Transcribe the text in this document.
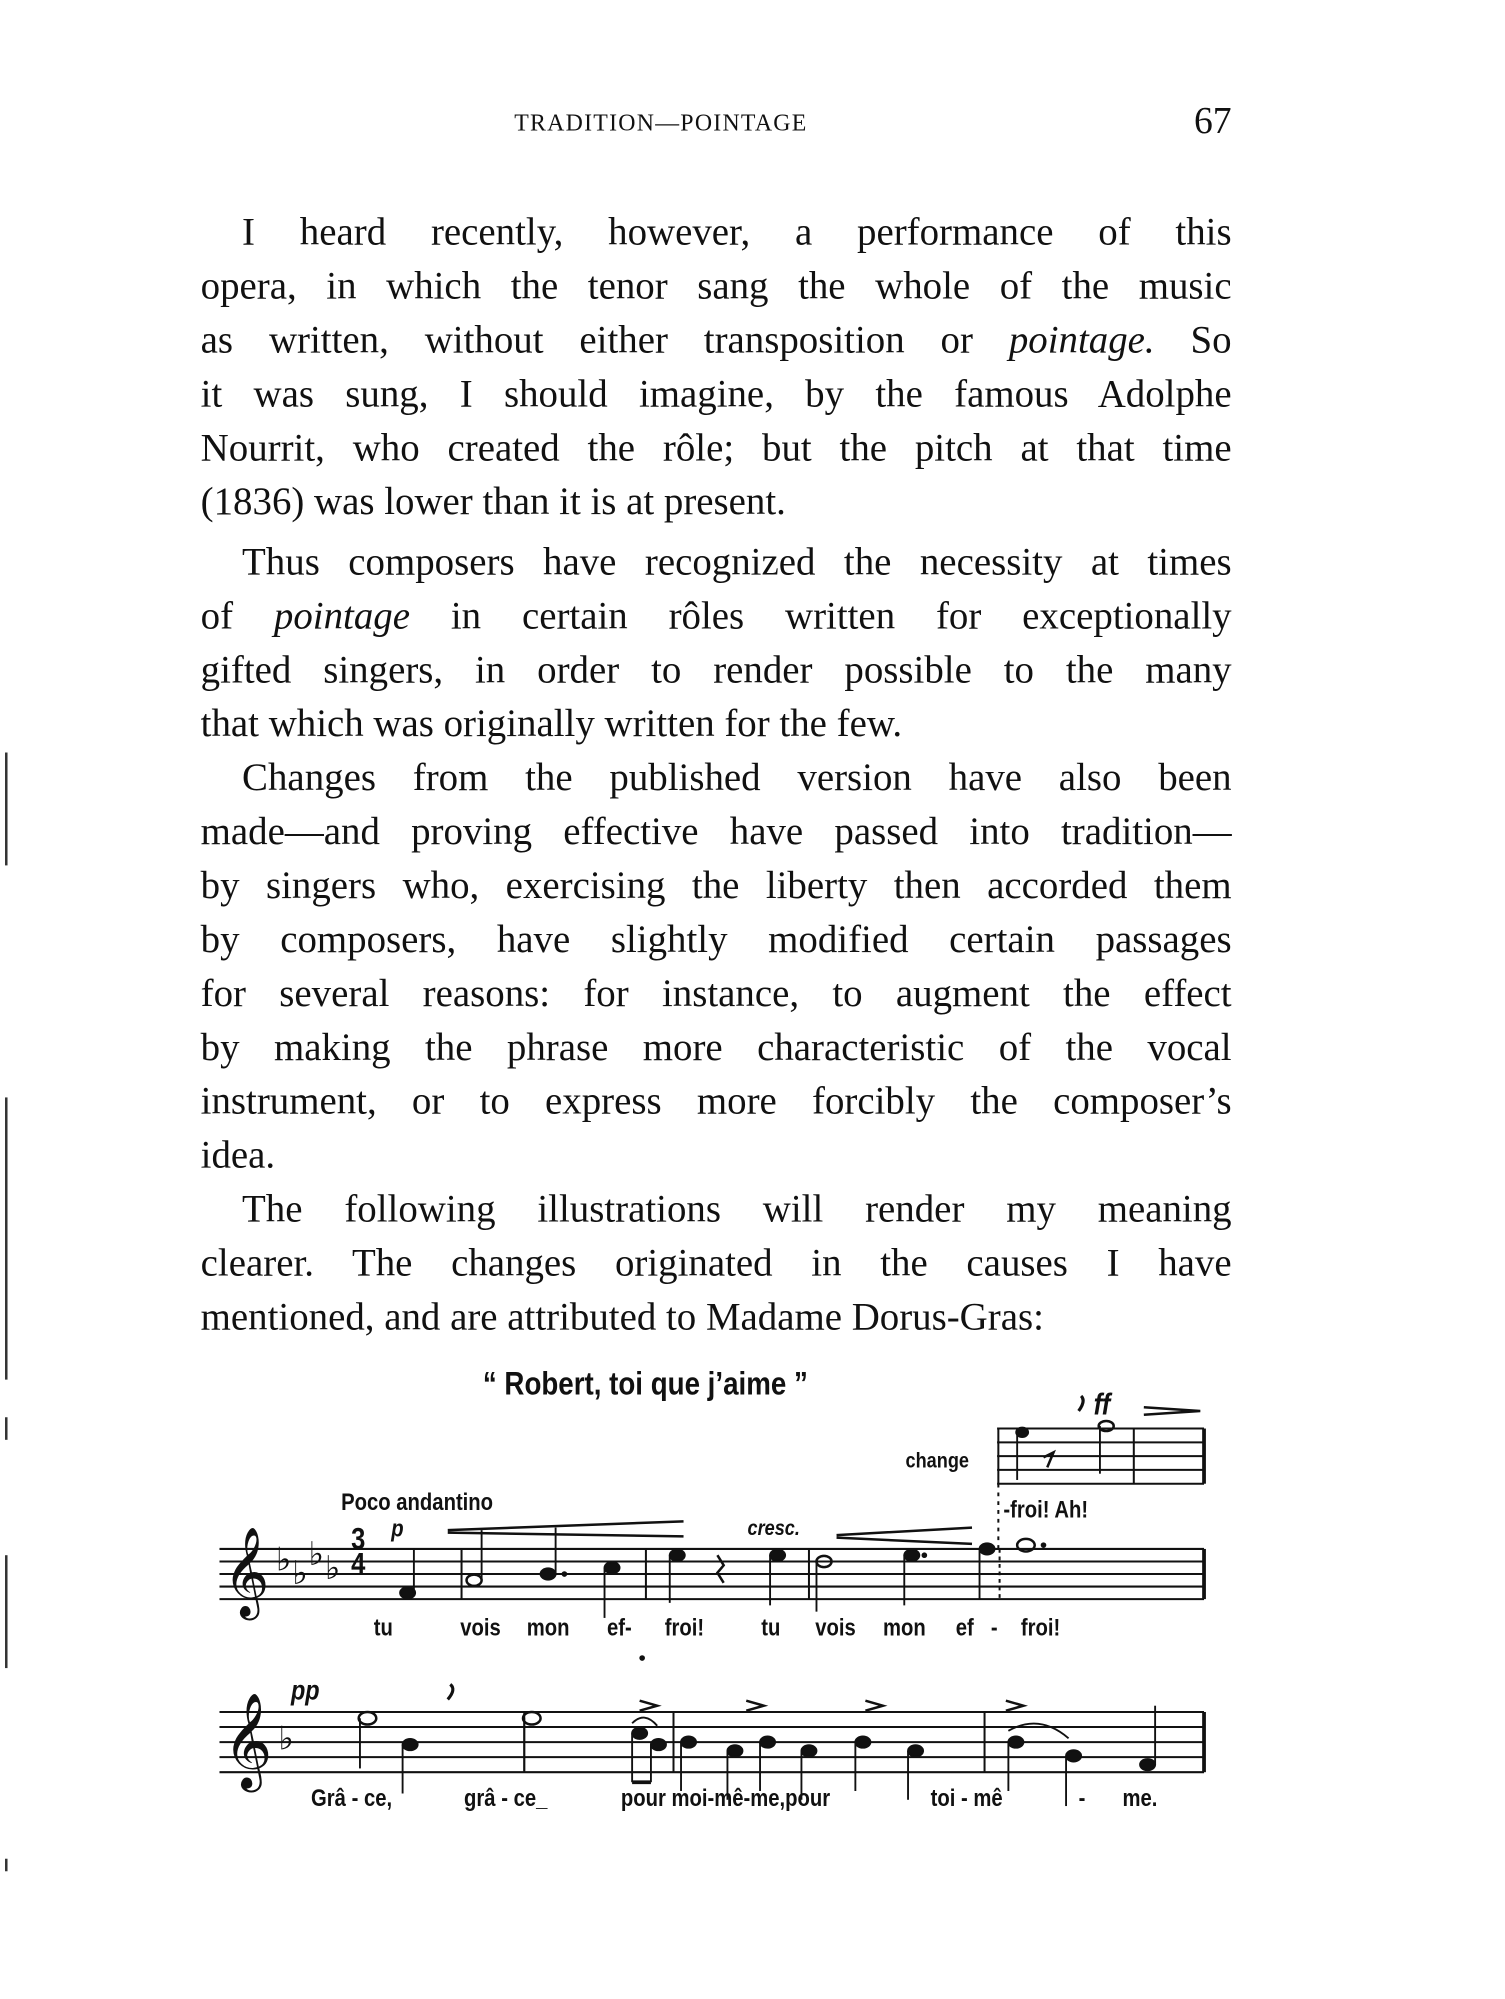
TRADITION—POINTAGE	67
I heard recently, however, a performance of this
opera, in which the tenor sang the whole of the music
as written, without either transposition or pointage. So
it was sung, I should imagine, by the famous Adolphe
Nourrit, who created the rôle; but the pitch at that time
(1836) was lower than it is at present.
Thus composers have recognized the necessity at times
of pointage in certain rôles written for exceptionally
gifted singers, in order to render possible to the many
that which was originally written for the few.
Changes from the published version have also been
made—and proving effective have passed into tradition—
by singers who, exercising the liberty then accorded them
by composers, have slightly modified certain passages
for several reasons: for instance, to augment the effect
by making the phrase more characteristic of the vocal
instrument, or to express more forcibly the composer’s
idea.
The following illustrations will render my meaning
clearer. The changes originated in the causes I have
mentioned, and are attributed to Madame Dorus-Gras:
“ Robert, toi que j’aime ”
Poco andantino
change
p	cresc.
ff
pp
3
4
-froi! Ah!
tu	vois mon ef- froi!	tu vois mon ef - froi!
Grâ - ce,	grâ - ce_	pour moi-mê-me,pour	toi - mê	- me.
𝄞 ♭ ♭ ♭ ♭
𝄞 ♭
